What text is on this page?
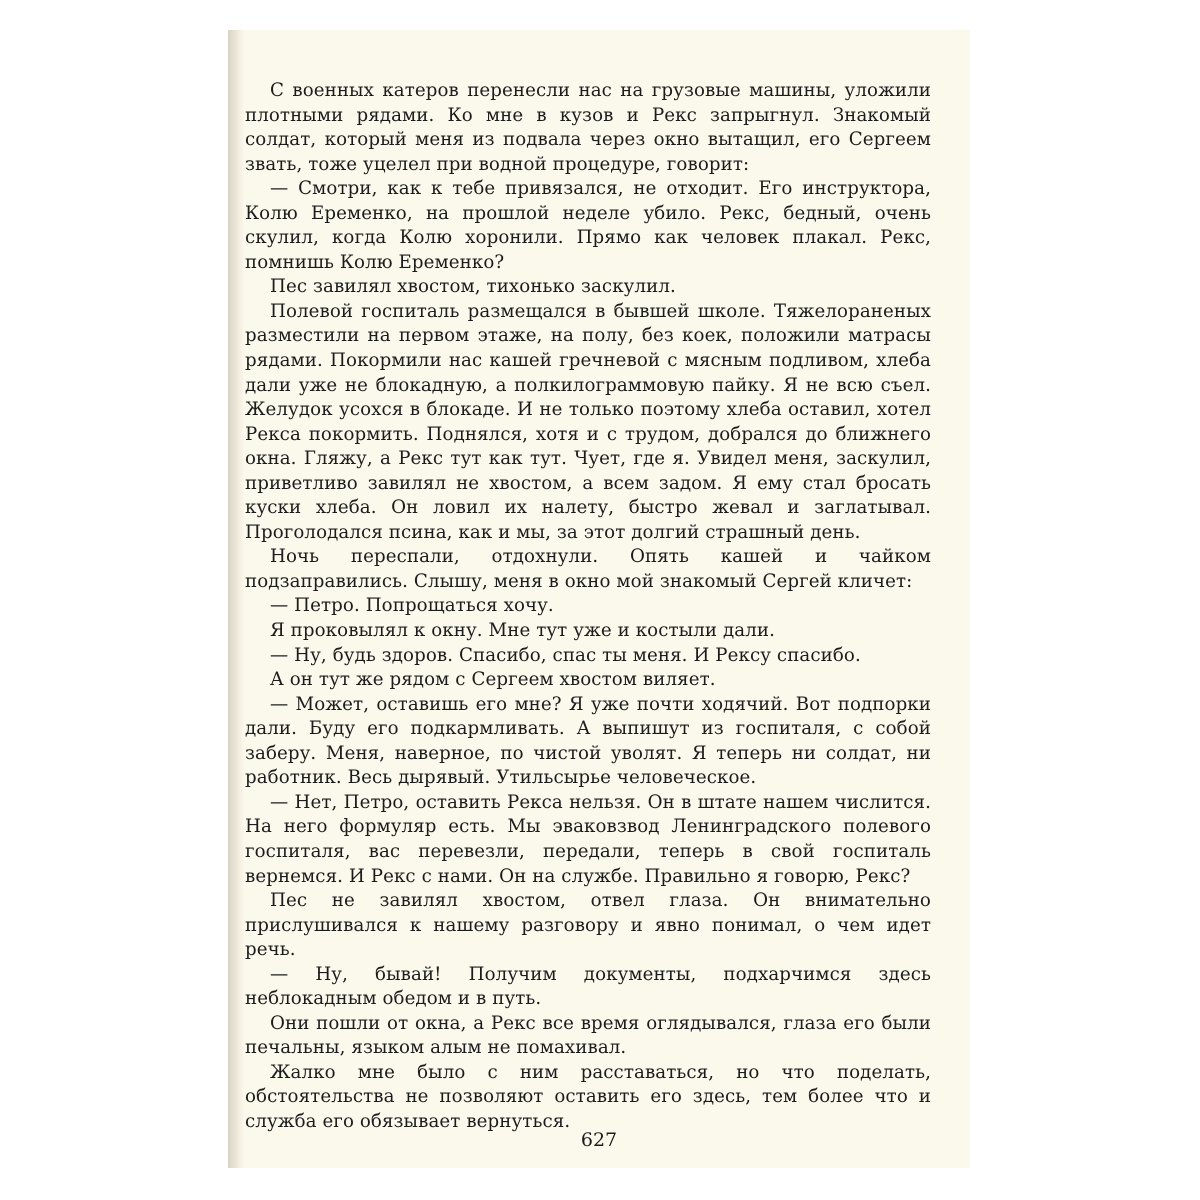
С военных катеров перенесли нас на грузовые машины, уложили плотными рядами. Ко мне в кузов и Рекс запрыгнул. Знакомый солдат, который меня из подвала через окно вытащил, его Сергеем звать, тоже уцелел при водной процедуре, говорит:

— Смотри, как к тебе привязался, не отходит. Его инструктора, Колю Еременко, на прошлой неделе убило. Рекс, бедный, очень скулил, когда Колю хоронили. Прямо как человек плакал. Рекс, помнишь Колю Еременко?

Пес завилял хвостом, тихонько заскулил.

Полевой госпиталь размещался в бывшей школе. Тяжелораненых разместили на первом этаже, на полу, без коек, положили матрасы рядами. Покормили нас кашей гречневой с мясным подливом, хлеба дали уже не блокадную, а полкилограммовую пайку. Я не всю съел. Желудок усохся в блокаде. И не только поэтому хлеба оставил, хотел Рекса покормить. Поднялся, хотя и с трудом, добрался до ближнего окна. Гляжу, а Рекс тут как тут. Чует, где я. Увидел меня, заскулил, приветливо завилял не хвостом, а всем задом. Я ему стал бросать куски хлеба. Он ловил их налету, быстро жевал и заглатывал. Проголодался псина, как и мы, за этот долгий страшный день.

Ночь переспали, отдохнули. Опять кашей и чайком подзаправились. Слышу, меня в окно мой знакомый Сергей кличет:

— Петро. Попрощаться хочу.

Я проковылял к окну. Мне тут уже и костыли дали.

— Ну, будь здоров. Спасибо, спас ты меня. И Рексу спасибо.

А он тут же рядом с Сергеем хвостом виляет.

— Может, оставишь его мне? Я уже почти ходячий. Вот подпорки дали. Буду его подкармливать. А выпишут из госпиталя, с собой заберу. Меня, наверное, по чистой уволят. Я теперь ни солдат, ни работник. Весь дырявый. Утильсырье человеческое.

— Нет, Петро, оставить Рекса нельзя. Он в штате нашем числится. На него формуляр есть. Мы эваковзвод Ленинградского полевого госпиталя, вас перевезли, передали, теперь в свой госпиталь вернемся. И Рекс с нами. Он на службе. Правильно я говорю, Рекс?

Пес не завилял хвостом, отвел глаза. Он внимательно прислушивался к нашему разговору и явно понимал, о чем идет речь.

— Ну, бывай! Получим документы, подхарчимся здесь неблокадным обедом и в путь.

Они пошли от окна, а Рекс все время оглядывался, глаза его были печальны, языком алым не помахивал.

Жалко мне было с ним расставаться, но что поделать, обстоятельства не позволяют оставить его здесь, тем более что и служба его обязывает вернуться.

627
